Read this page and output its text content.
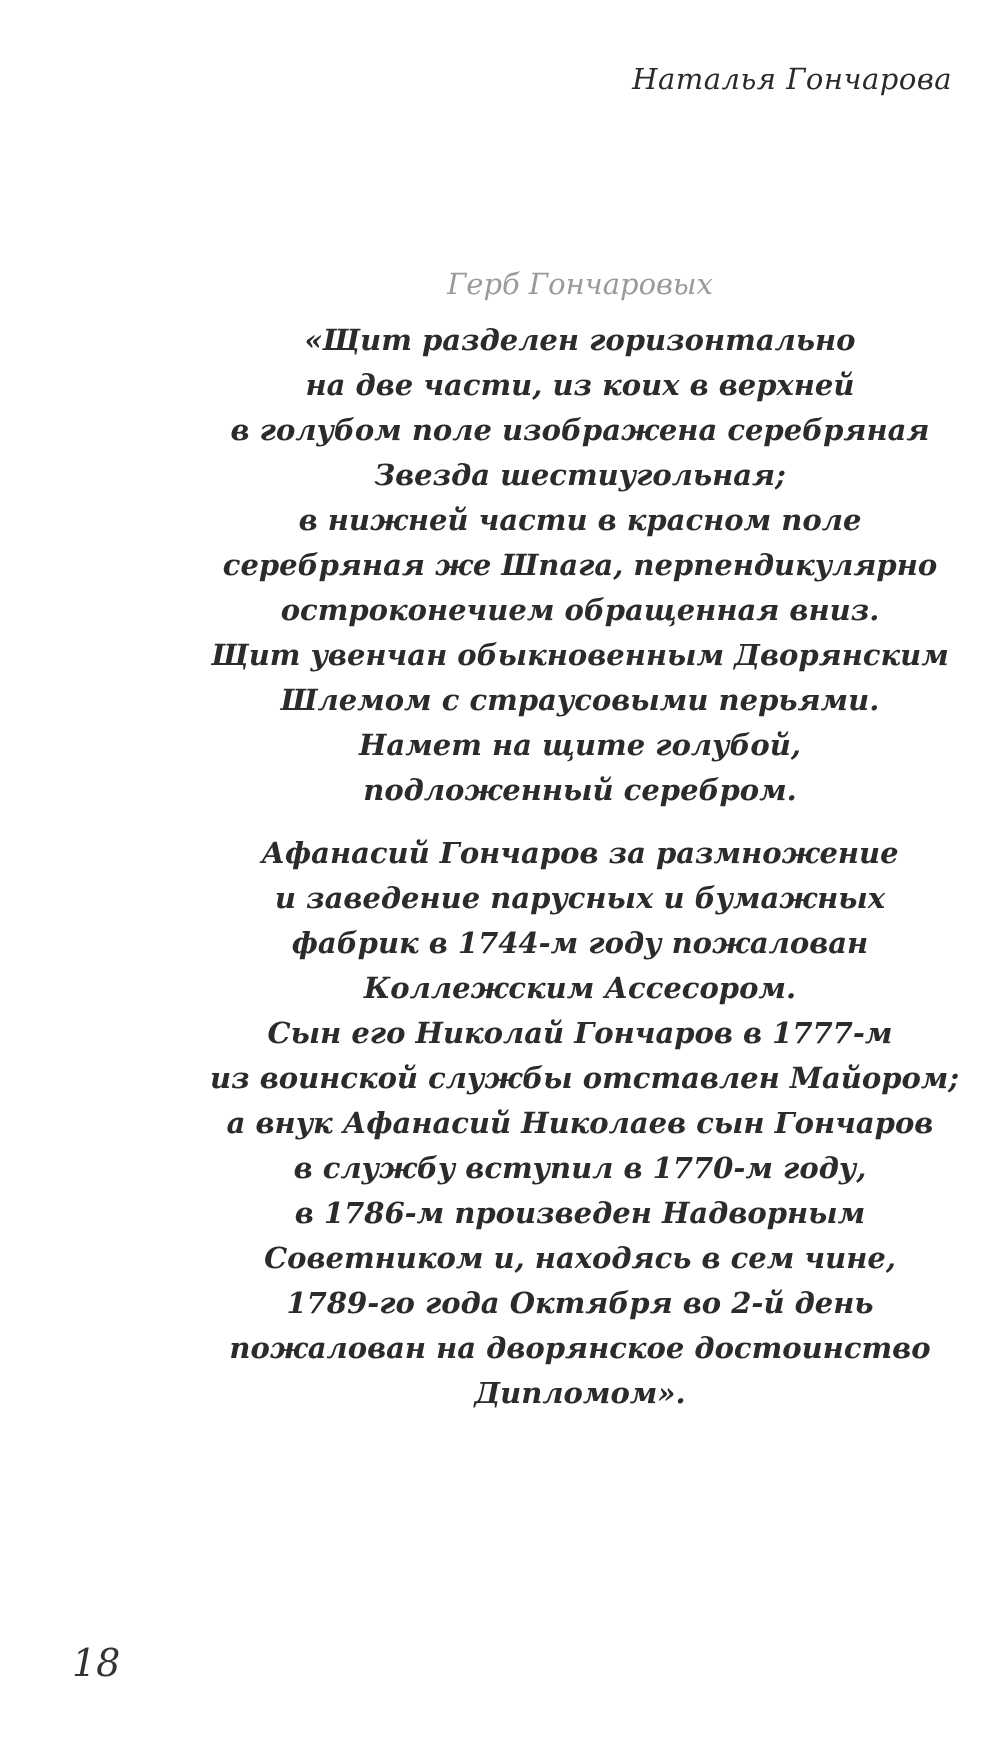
Наталья Гончарова
Герб Гончаровых
«Щит разделен горизонтально
на две части, из коих в верхней
в голубом поле изображена серебряная
Звезда шестиугольная;
в нижней части в красном поле
серебряная же Шпага, перпендикулярно
остроконечием обращенная вниз.
Щит увенчан обыкновенным Дворянским
Шлемом с страусовыми перьями.
Намет на щите голубой,
подложенный серебром.
Афанасий Гончаров за размножение
и заведение парусных и бумажных
фабрик в 1744-м году пожалован
Коллежским Ассесором.
Сын его Николай Гончаров в 1777-м
из воинской службы отставлен Майором;
а внук Афанасий Николаев сын Гончаров
в службу вступил в 1770-м году,
в 1786-м произведен Надворным
Советником и, находясь в сем чине,
1789-го года Октября во 2-й день
пожалован на дворянское достоинство
Дипломом».
18
